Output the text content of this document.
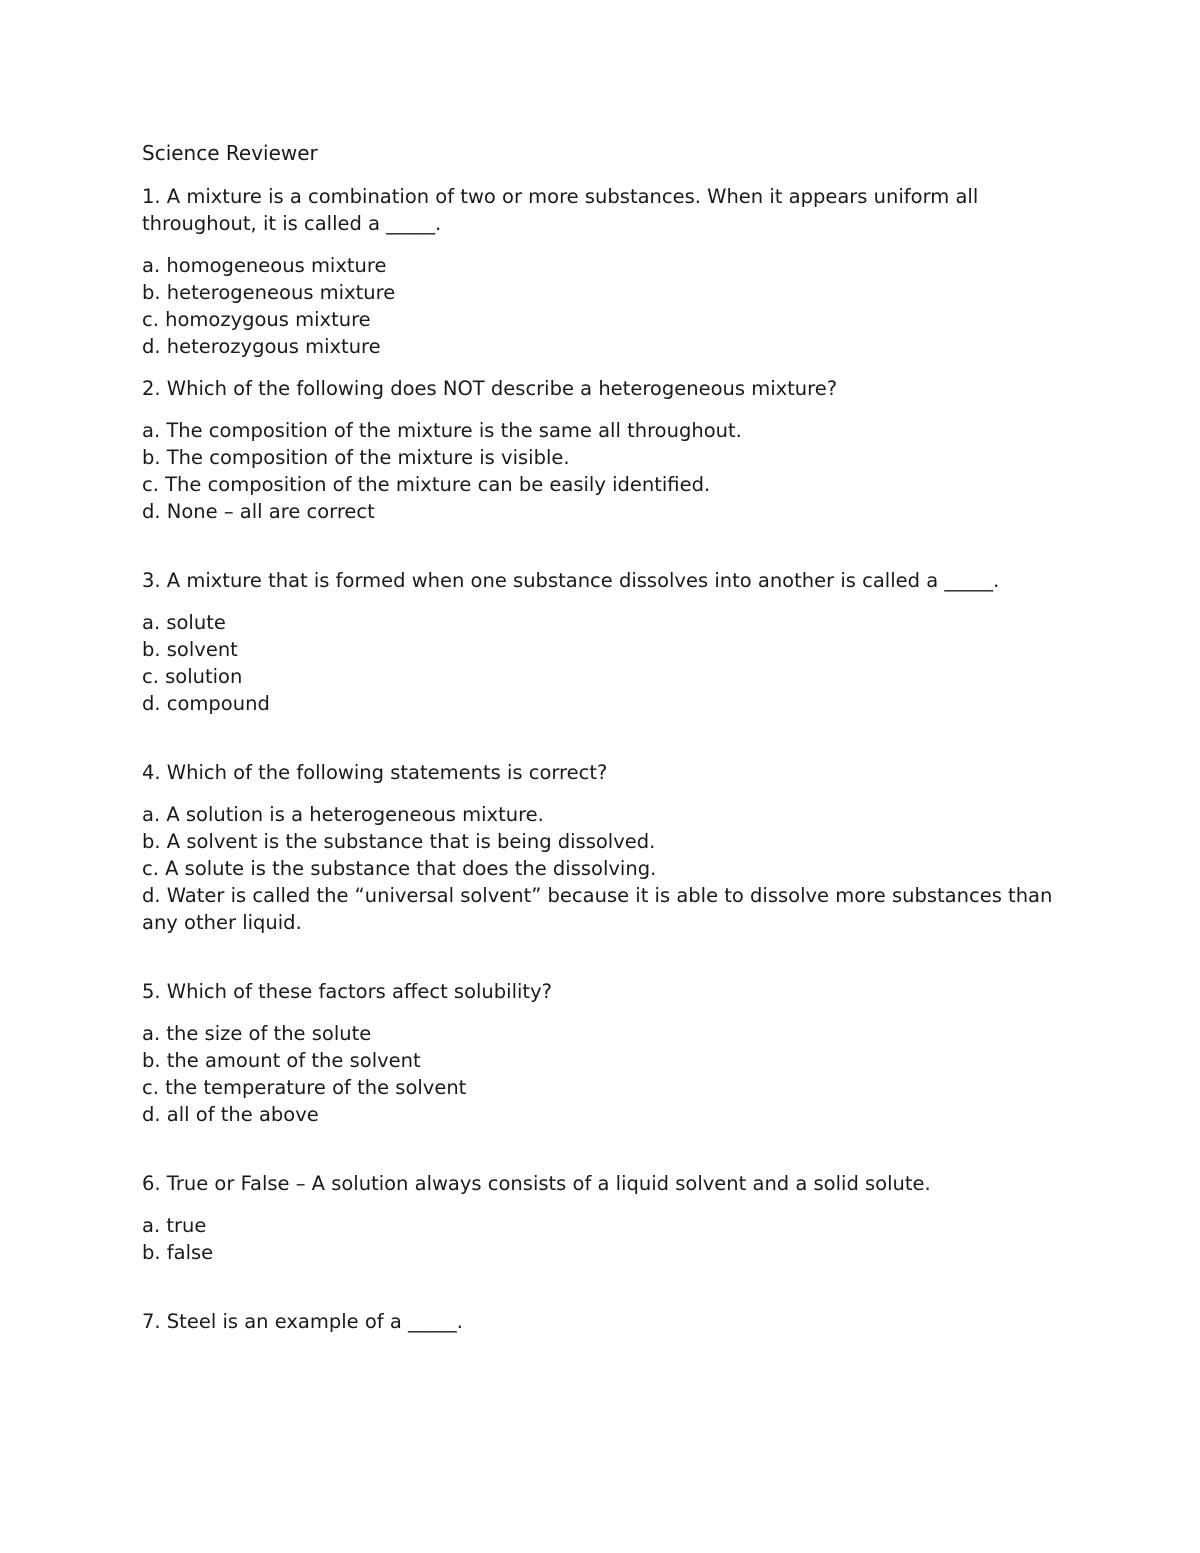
Science Reviewer
1. A mixture is a combination of two or more substances. When it appears uniform all throughout, it is called a _____.
a. homogeneous mixture
b. heterogeneous mixture
c. homozygous mixture
d. heterozygous mixture
2. Which of the following does NOT describe a heterogeneous mixture?
a. The composition of the mixture is the same all throughout.
b. The composition of the mixture is visible.
c. The composition of the mixture can be easily identified.
d. None – all are correct
3. A mixture that is formed when one substance dissolves into another is called a _____.
a. solute
b. solvent
c. solution
d. compound
4. Which of the following statements is correct?
a. A solution is a heterogeneous mixture.
b. A solvent is the substance that is being dissolved.
c. A solute is the substance that does the dissolving.
d. Water is called the “universal solvent” because it is able to dissolve more substances than any other liquid.
5. Which of these factors affect solubility?
a. the size of the solute
b. the amount of the solvent
c. the temperature of the solvent
d. all of the above
6. True or False – A solution always consists of a liquid solvent and a solid solute.
a. true
b. false
7. Steel is an example of a _____.
